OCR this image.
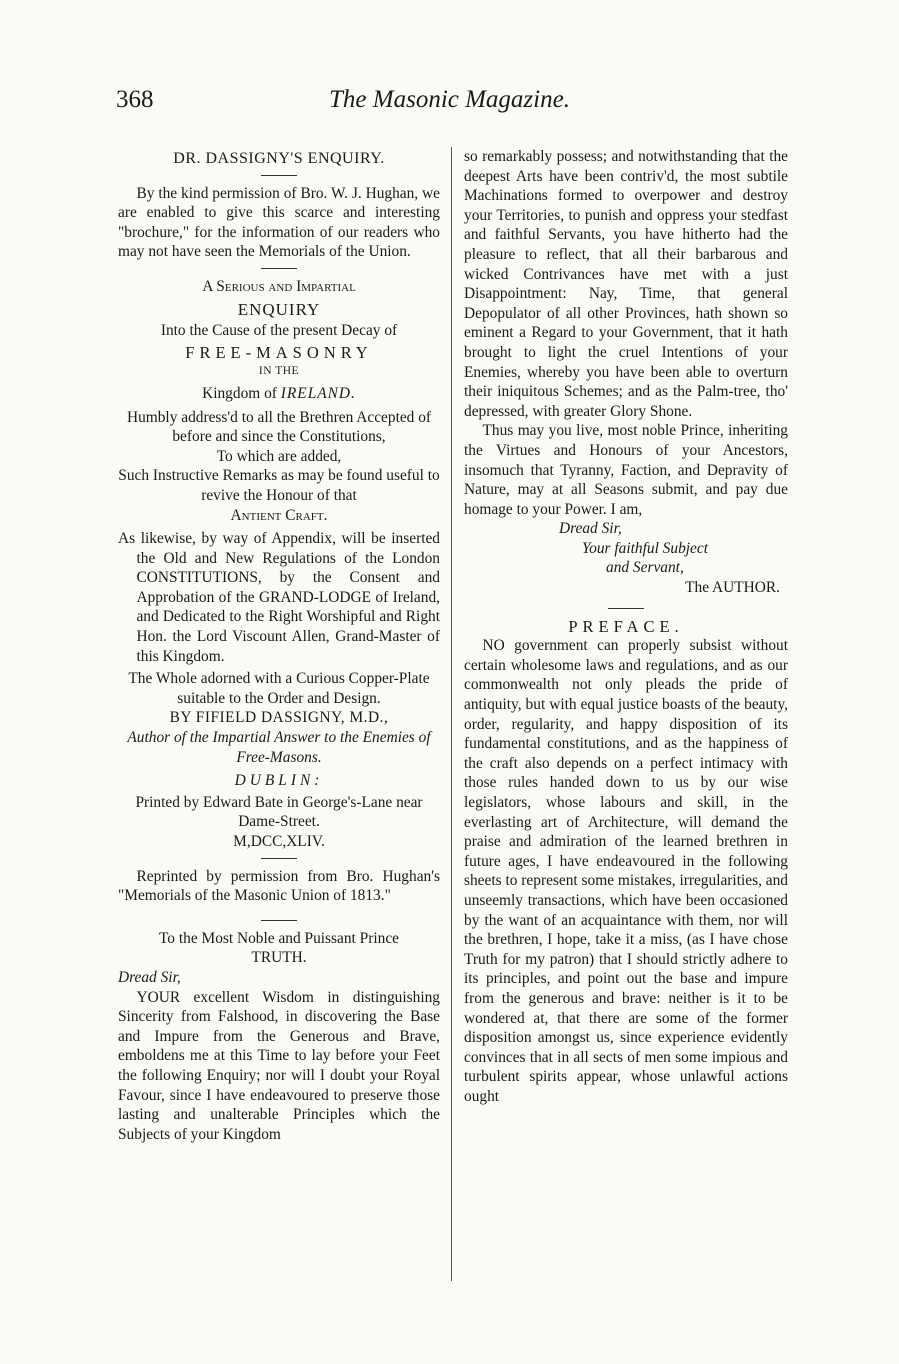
368	The Masonic Magazine.

DR. DASSIGNY'S ENQUIRY.

By the kind permission of Bro. W. J. Hughan, we are enabled to give this scarce and interesting "brochure," for the information of our readers who may not have seen the Memorials of the Union.

A Serious and Impartial

ENQUIRY

Into the Cause of the present Decay of

FREE-MASONRY

IN THE

Kingdom of IRELAND.

Humbly address'd to all the Brethren Accepted of before and since the Constitutions,

To which are added,

Such Instructive Remarks as may be found useful to revive the Honour of that

Antient Craft.

As likewise, by way of Appendix, will be inserted the Old and New Regulations of the London CONSTITUTIONS, by the Consent and Approbation of the GRAND-LODGE of Ireland, and Dedicated to the Right Worshipful and Right Hon. the Lord Viscount Allen, Grand-Master of this Kingdom.

The Whole adorned with a Curious Copper-Plate suitable to the Order and Design.

BY FIFIELD DASSIGNY, M.D.,

Author of the Impartial Answer to the Enemies of Free-Masons.

DUBLIN:

Printed by Edward Bate in George's-Lane near Dame-Street.

M,DCC,XLIV.

Reprinted by permission from Bro. Hughan's "Memorials of the Masonic Union of 1813."

To the Most Noble and Puissant Prince

TRUTH.

Dread Sir,

YOUR excellent Wisdom in distinguishing Sincerity from Falshood, in discovering the Base and Impure from the Generous and Brave, emboldens me at this Time to lay before your Feet the following Enquiry; nor will I doubt your Royal Favour, since I have endeavoured to preserve those lasting and unalterable Principles which the Subjects of your Kingdom

so remarkably possess; and notwithstanding that the deepest Arts have been contriv'd, the most subtile Machinations formed to overpower and destroy your Territories, to punish and oppress your stedfast and faithful Servants, you have hitherto had the pleasure to reflect, that all their barbarous and wicked Contrivances have met with a just Disappointment: Nay, Time, that general Depopulator of all other Provinces, hath shown so eminent a Regard to your Government, that it hath brought to light the cruel Intentions of your Enemies, whereby you have been able to overturn their iniquitous Schemes; and as the Palm-tree, tho' depressed, with greater Glory Shone.

Thus may you live, most noble Prince, inheriting the Virtues and Honours of your Ancestors, insomuch that Tyranny, Faction, and Depravity of Nature, may at all Seasons submit, and pay due homage to your Power. I am,

Dread Sir,

Your faithful Subject

and Servant,

The AUTHOR.

PREFACE.

NO government can properly subsist without certain wholesome laws and regulations, and as our commonwealth not only pleads the pride of antiquity, but with equal justice boasts of the beauty, order, regularity, and happy disposition of its fundamental constitutions, and as the happiness of the craft also depends on a perfect intimacy with those rules handed down to us by our wise legislators, whose labours and skill, in the everlasting art of Architecture, will demand the praise and admiration of the learned brethren in future ages, I have endeavoured in the following sheets to represent some mistakes, irregularities, and unseemly transactions, which have been occasioned by the want of an acquaintance with them, nor will the brethren, I hope, take it a miss, (as I have chose Truth for my patron) that I should strictly adhere to its principles, and point out the base and impure from the generous and brave: neither is it to be wondered at, that there are some of the former disposition amongst us, since experience evidently convinces that in all sects of men some impious and turbulent spirits appear, whose unlawful actions ought
